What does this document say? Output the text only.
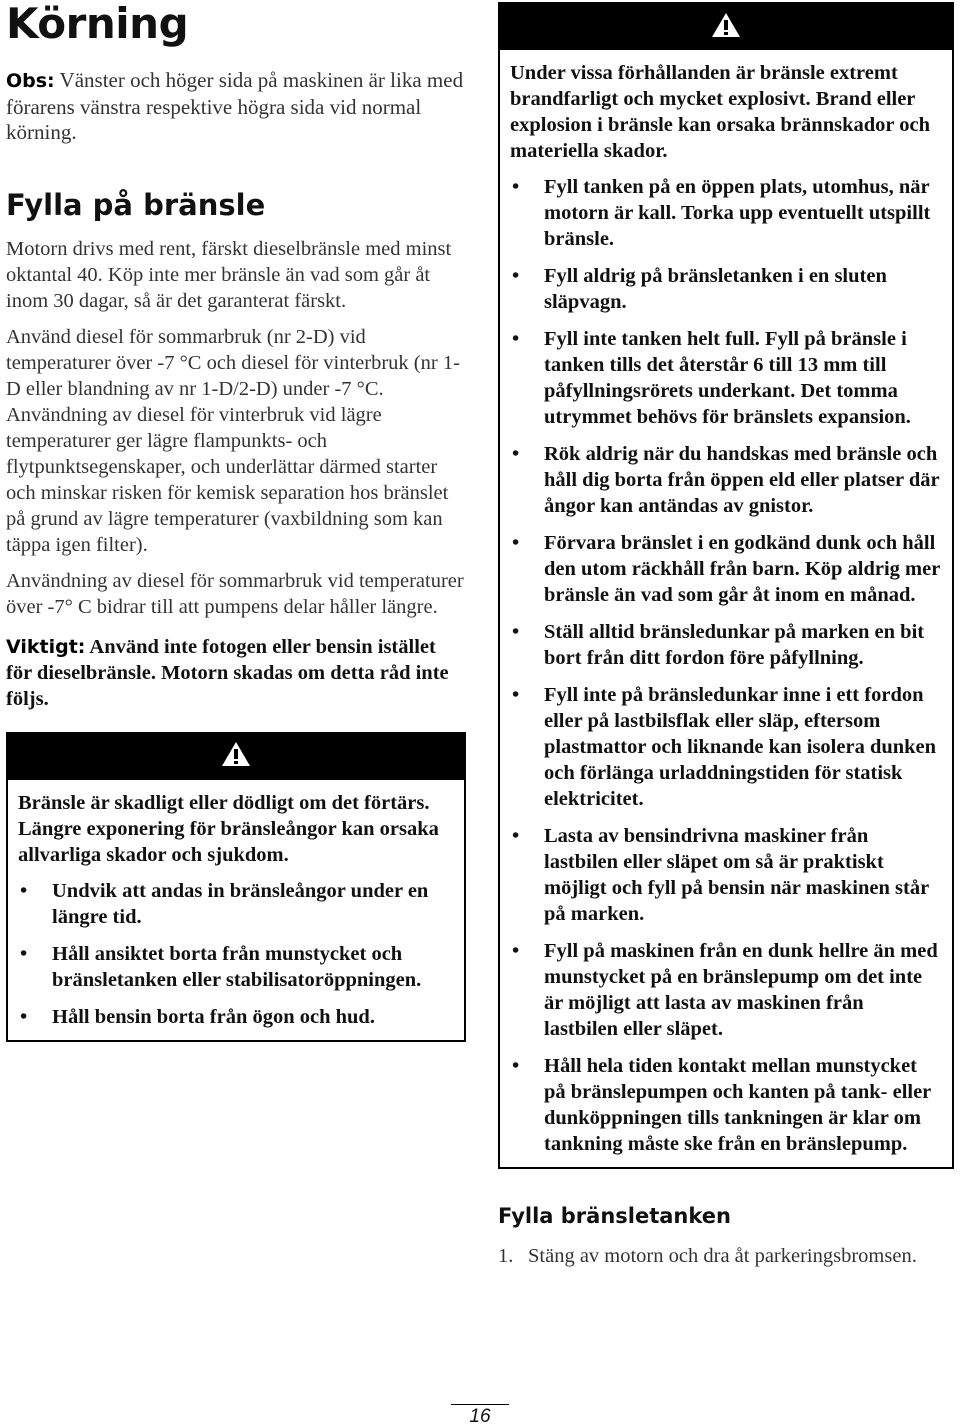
Körning

Obs: Vänster och höger sida på maskinen är lika med förarens vänstra respektive högra sida vid normal körning.

Fylla på bränsle

Motorn drivs med rent, färskt dieselbränsle med minst oktantal 40. Köp inte mer bränsle än vad som går åt inom 30 dagar, så är det garanterat färskt.

Använd diesel för sommarbruk (nr 2-D) vid temperaturer över -7 °C och diesel för vinterbruk (nr 1-D eller blandning av nr 1-D/2-D) under -7 °C. Användning av diesel för vinterbruk vid lägre temperaturer ger lägre flampunkts- och flytpunktsegenskaper, och underlättar därmed starter och minskar risken för kemisk separation hos bränslet på grund av lägre temperaturer (vaxbildning som kan täppa igen filter).

Användning av diesel för sommarbruk vid temperaturer över -7° C bidrar till att pumpens delar håller längre.

Viktigt: Använd inte fotogen eller bensin istället för dieselbränsle. Motorn skadas om detta råd inte följs.

Bränsle är skadligt eller dödligt om det förtärs. Längre exponering för bränsleångor kan orsaka allvarliga skador och sjukdom.

• Undvik att andas in bränsleångor under en längre tid.
• Håll ansiktet borta från munstycket och bränsletanken eller stabilisatoröppningen.
• Håll bensin borta från ögon och hud.

Under vissa förhållanden är bränsle extremt brandfarligt och mycket explosivt. Brand eller explosion i bränsle kan orsaka brännskador och materiella skador.

• Fyll tanken på en öppen plats, utomhus, när motorn är kall. Torka upp eventuellt utspillt bränsle.
• Fyll aldrig på bränsletanken i en sluten släpvagn.
• Fyll inte tanken helt full. Fyll på bränsle i tanken tills det återstår 6 till 13 mm till påfyllningsrörets underkant. Det tomma utrymmet behövs för bränslets expansion.
• Rök aldrig när du handskas med bränsle och håll dig borta från öppen eld eller platser där ångor kan antändas av gnistor.
• Förvara bränslet i en godkänd dunk och håll den utom räckhåll från barn. Köp aldrig mer bränsle än vad som går åt inom en månad.
• Ställ alltid bränsledunkar på marken en bit bort från ditt fordon före påfyllning.
• Fyll inte på bränsledunkar inne i ett fordon eller på lastbilsflak eller släp, eftersom plastmattor och liknande kan isolera dunken och förlänga urladdningstiden för statisk elektricitet.
• Lasta av bensindrivna maskiner från lastbilen eller släpet om så är praktiskt möjligt och fyll på bensin när maskinen står på marken.
• Fyll på maskinen från en dunk hellre än med munstycket på en bränslepump om det inte är möjligt att lasta av maskinen från lastbilen eller släpet.
• Håll hela tiden kontakt mellan munstycket på bränslepumpen och kanten på tank- eller dunköppningen tills tankningen är klar om tankning måste ske från en bränslepump.
Fylla bränsletanken

1. Stäng av motorn och dra åt parkeringsbromsen.

16
